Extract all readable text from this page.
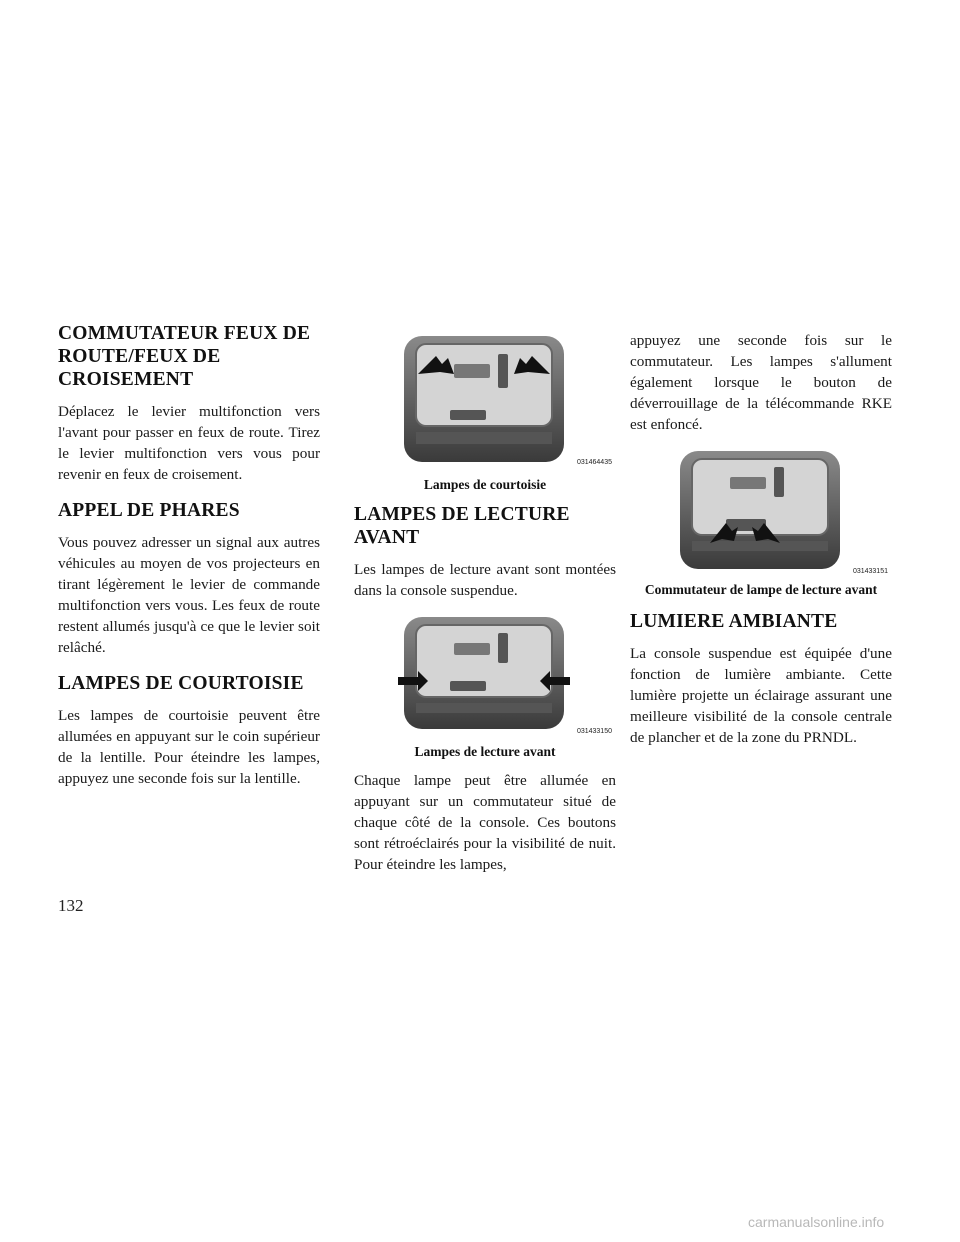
COMMUTATEUR FEUX DE ROUTE/FEUX DE CROISEMENT

Déplacez le levier multifonction vers l'avant pour passer en feux de route. Tirez le levier multifonction vers vous pour revenir en feux de croisement.

APPEL DE PHARES

Vous pouvez adresser un signal aux autres véhicules au moyen de vos projecteurs en tirant légèrement le levier de commande multifonction vers vous. Les feux de route restent allumés jusqu'à ce que le levier soit relâché.

LAMPES DE COURTOISIE

Les lampes de courtoisie peuvent être allumées en appuyant sur le coin supérieur de la lentille. Pour éteindre les lampes, appuyez une seconde fois sur la lentille.

031464435
Lampes de courtoisie
LAMPES DE LECTURE AVANT

Les lampes de lecture avant sont montées dans la console suspendue.

031433150
Lampes de lecture avant

Chaque lampe peut être allumée en appuyant sur un commutateur situé de chaque côté de la console. Ces boutons sont rétroéclairés pour la visibilité de nuit. Pour éteindre les lampes,

appuyez une seconde fois sur le commutateur. Les lampes s'allument également lorsque le bouton de déverrouillage de la télécommande RKE est enfoncé.

031433151
Commutateur de lampe de lecture avant
LUMIERE AMBIANTE

La console suspendue est équipée d'une fonction de lumière ambiante. Cette lumière projette un éclairage assurant une meilleure visibilité de la console centrale de plancher et de la zone du PRNDL.

132
carmanualsonline.info
